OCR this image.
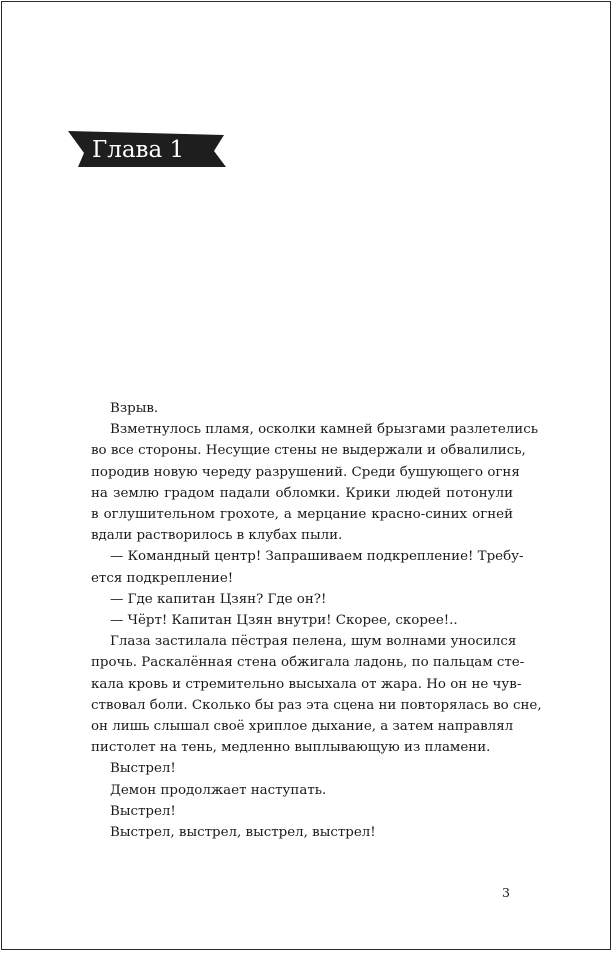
Глава 1
Взрыв.
Взметнулось пламя, осколки камней брызгами разлетелись
во все стороны. Несущие стены не выдержали и обвалились,
породив новую череду разрушений. Среди бушующего огня
на землю градом падали обломки. Крики людей потонули
в оглушительном грохоте, а мерцание красно-синих огней
вдали растворилось в клубах пыли.
— Командный центр! Запрашиваем подкрепление! Требу-
ется подкрепление!
— Где капитан Цзян? Где он?!
— Чёрт! Капитан Цзян внутри! Скорее, скорее!..
Глаза застилала пёстрая пелена, шум волнами уносился
прочь. Раскалённая стена обжигала ладонь, по пальцам сте-
кала кровь и стремительно высыхала от жара. Но он не чув-
ствовал боли. Сколько бы раз эта сцена ни повторялась во сне,
он лишь слышал своё хриплое дыхание, а затем направлял
пистолет на тень, медленно выплывающую из пламени.
Выстрел!
Демон продолжает наступать.
Выстрел!
Выстрел, выстрел, выстрел, выстрел!
3
